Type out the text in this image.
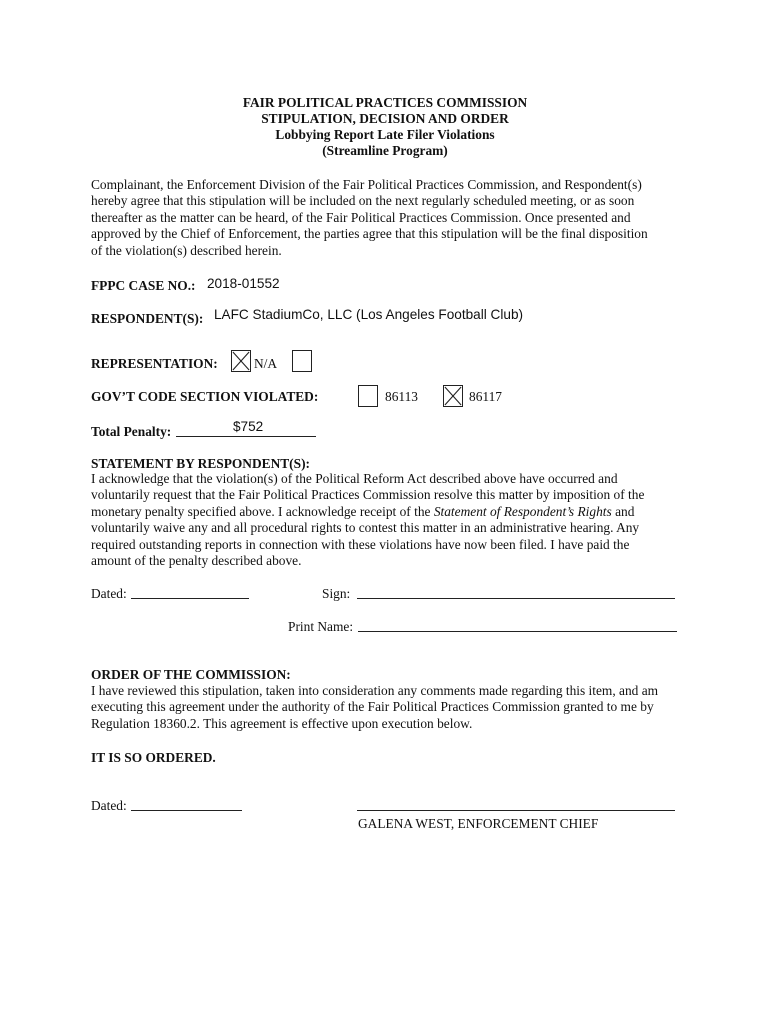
FAIR POLITICAL PRACTICES COMMISSION
STIPULATION, DECISION AND ORDER
Lobbying Report Late Filer Violations
(Streamline Program)
Complainant, the Enforcement Division of the Fair Political Practices Commission, and Respondent(s)
hereby agree that this stipulation will be included on the next regularly scheduled meeting, or as soon
thereafter as the matter can be heard, of the Fair Political Practices Commission. Once presented and
approved by the Chief of Enforcement, the parties agree that this stipulation will be the final disposition
of the violation(s) described herein.
FPPC CASE NO.: 2018-01552
RESPONDENT(S): LAFC StadiumCo, LLC (Los Angeles Football Club)
REPRESENTATION:	N/A
GOV’T CODE SECTION VIOLATED:	86113	86117
Total Penalty:	$752
STATEMENT BY RESPONDENT(S):
I acknowledge that the violation(s) of the Political Reform Act described above have occurred and
voluntarily request that the Fair Political Practices Commission resolve this matter by imposition of the
monetary penalty specified above. I acknowledge receipt of the Statement of Respondent’s Rights and
voluntarily waive any and all procedural rights to contest this matter in an administrative hearing. Any
required outstanding reports in connection with these violations have now been filed. I have paid the
amount of the penalty described above.
Dated:	Sign:
Print Name:
ORDER OF THE COMMISSION:
I have reviewed this stipulation, taken into consideration any comments made regarding this item, and am
executing this agreement under the authority of the Fair Political Practices Commission granted to me by
Regulation 18360.2. This agreement is effective upon execution below.
IT IS SO ORDERED.
Dated:
GALENA WEST, ENFORCEMENT CHIEF
